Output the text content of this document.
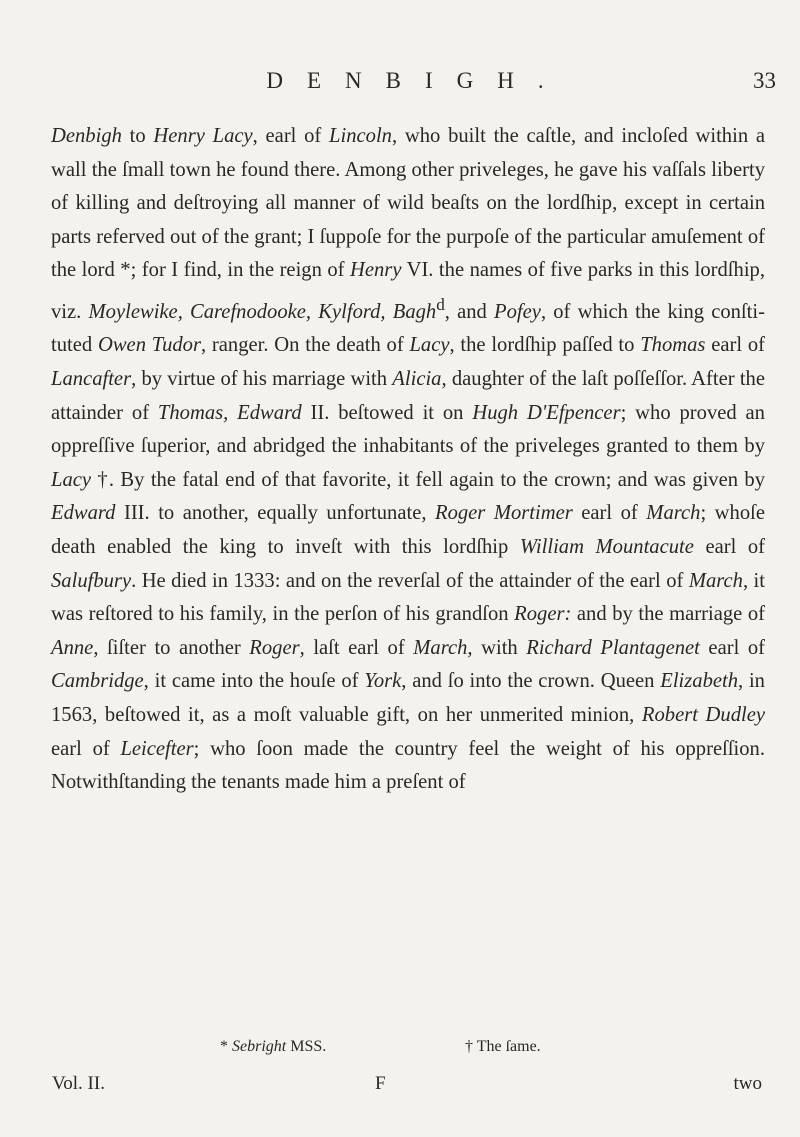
DENBIGH.	33

Denbigh to Henry Lacy, earl of Lincoln, who built the caſtle, and incloſed within a wall the ſmall town he found there. Among other priveleges, he gave his vaſſals liberty of killing and deſtroying all manner of wild beaſts on the lordſhip, except in certain parts referved out of the grant; I ſuppoſe for the purpoſe of the particular amuſement of the lord *; for I find, in the reign of Henry VI. the names of five parks in this lordſhip, viz. Moylewike, Carefnodooke, Kylford, Bagh$^d$, and Pofey, of which the king conſtituted Owen Tudor, ranger. On the death of Lacy, the lordſhip paſſed to Thomas earl of Lancafter, by virtue of his marriage with Alicia, daughter of the laſt poſſeſſor. After the attainder of Thomas, Edward II. beſtowed it on Hugh D'Efpencer; who proved an oppreſſive ſuperior, and abridged the inhabitants of the priveleges granted to them by Lacy †. By the fatal end of that favorite, it fell again to the crown; and was given by Edward III. to another, equally unfortunate, Roger Mortimer earl of March; whoſe death enabled the king to inveſt with this lordſhip William Mountacute earl of Salufbury. He died in 1333: and on the reverſal of the attainder of the earl of March, it was reſtored to his family, in the perſon of his grandſon Roger: and by the marriage of Anne, ſiſter to another Roger, laſt earl of March, with Richard Plantagenet earl of Cambridge, it came into the houſe of York, and ſo into the crown. Queen Elizabeth, in 1563, beſtowed it, as a moſt valuable gift, on her unmerited minion, Robert Dudley earl of Leicefter; who ſoon made the country feel the weight of his oppreſſion. Notwithſtanding the tenants made him a preſent of

* Sebright MSS.	† The ſame.
Vol. II.	F	two
